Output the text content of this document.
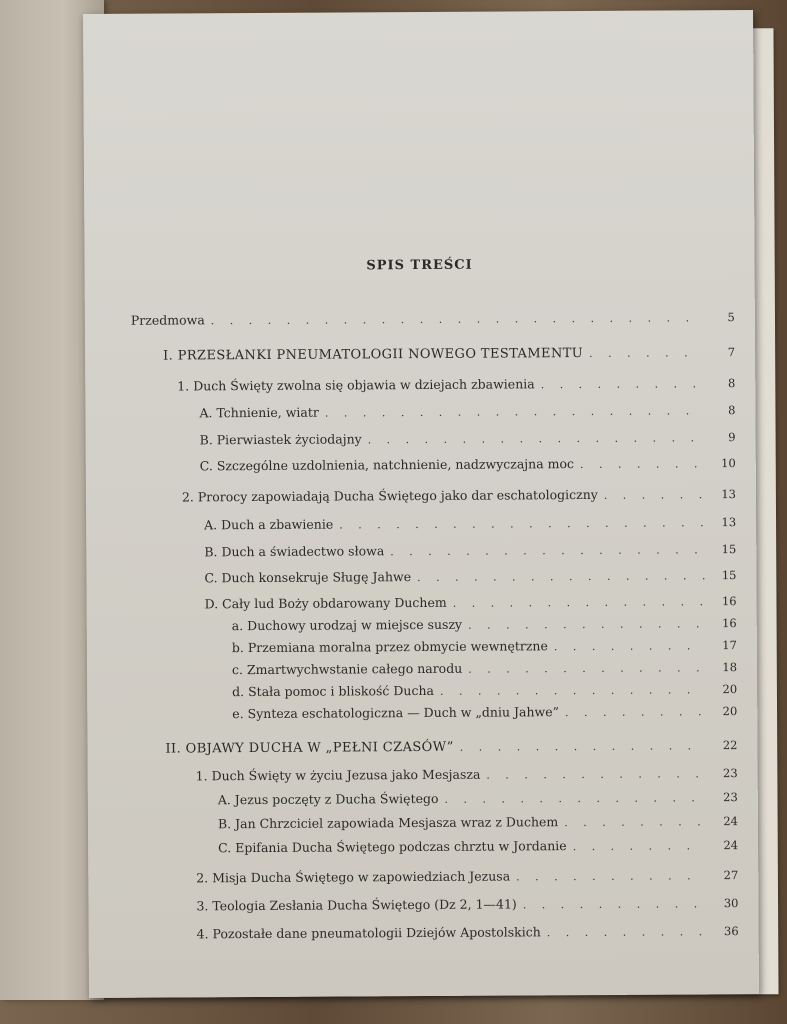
SPIS TREŚCI
Przedmowa . . .	5
I. PRZESŁANKI PNEUMATOLOGII NOWEGO TESTAMENTU . . .	7
1. Duch Święty zwolna się objawia w dziejach zbawienia . . .	8
A. Tchnienie, wiatr . . .	8
B. Pierwiastek życiodajny . . .	9
C. Szczególne uzdolnienia, natchnienie, nadzwyczajna moc . . .	10
2. Prorocy zapowiadają Ducha Świętego jako dar eschatologiczny . . .	13
A. Duch a zbawienie . . .	13
B. Duch a świadectwo słowa . . .	15
C. Duch konsekruje Sługę Jahwe . . .	15
D. Cały lud Boży obdarowany Duchem . . .	16
a. Duchowy urodzaj w miejsce suszy . . .	16
b. Przemiana moralna przez obmycie wewnętrzne . . .	17
c. Zmartwychwstanie całego narodu . . .	18
d. Stała pomoc i bliskość Ducha . . .	20
e. Synteza eschatologiczna — Duch w „dniu Jahwe” . . .	20
II. OBJAWY DUCHA W „PEŁNI CZASÓW” . . .	22
1. Duch Święty w życiu Jezusa jako Mesjasza . . .	23
A. Jezus poczęty z Ducha Świętego . . .	23
B. Jan Chrzciciel zapowiada Mesjasza wraz z Duchem . . .	24
C. Epifania Ducha Świętego podczas chrztu w Jordanie . . .	24
2. Misja Ducha Świętego w zapowiedziach Jezusa . . .	27
3. Teologia Zesłania Ducha Świętego (Dz 2, 1—41) . . .	30
4. Pozostałe dane pneumatologii Dziejów Apostolskich . . .	36
